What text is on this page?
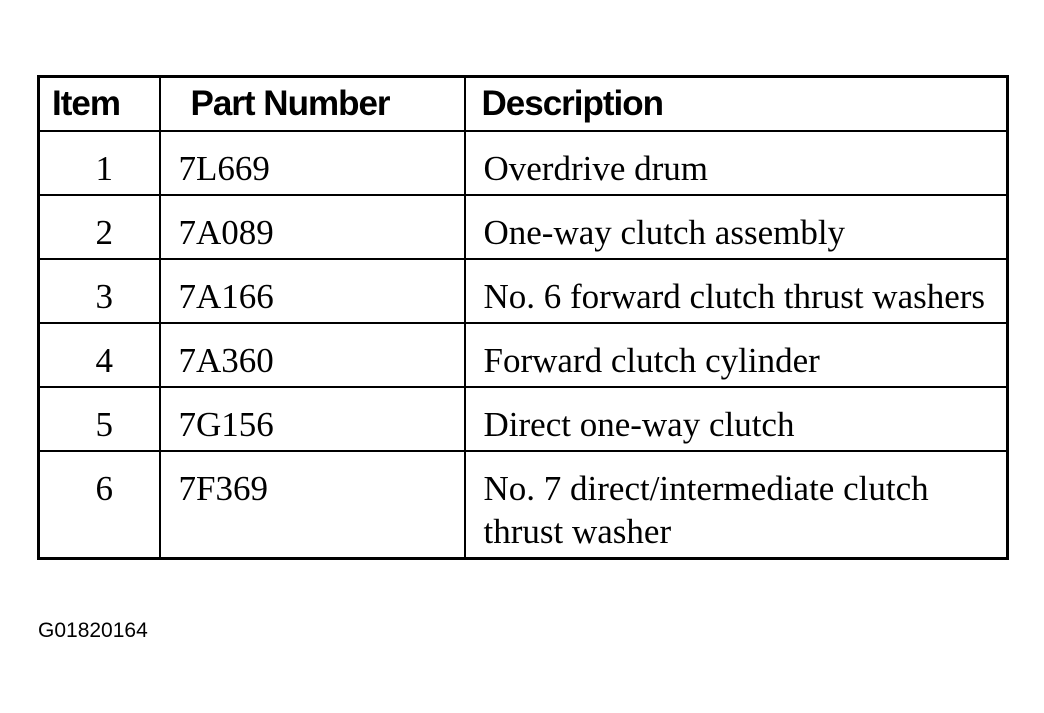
Item	Part Number	Description
1	7L669	Overdrive drum
2	7A089	One-way clutch assembly
3	7A166	No. 6 forward clutch thrust washers
4	7A360	Forward clutch cylinder
5	7G156	Direct one-way clutch
6	7F369	No. 7 direct/intermediate clutch thrust washer
G01820164
